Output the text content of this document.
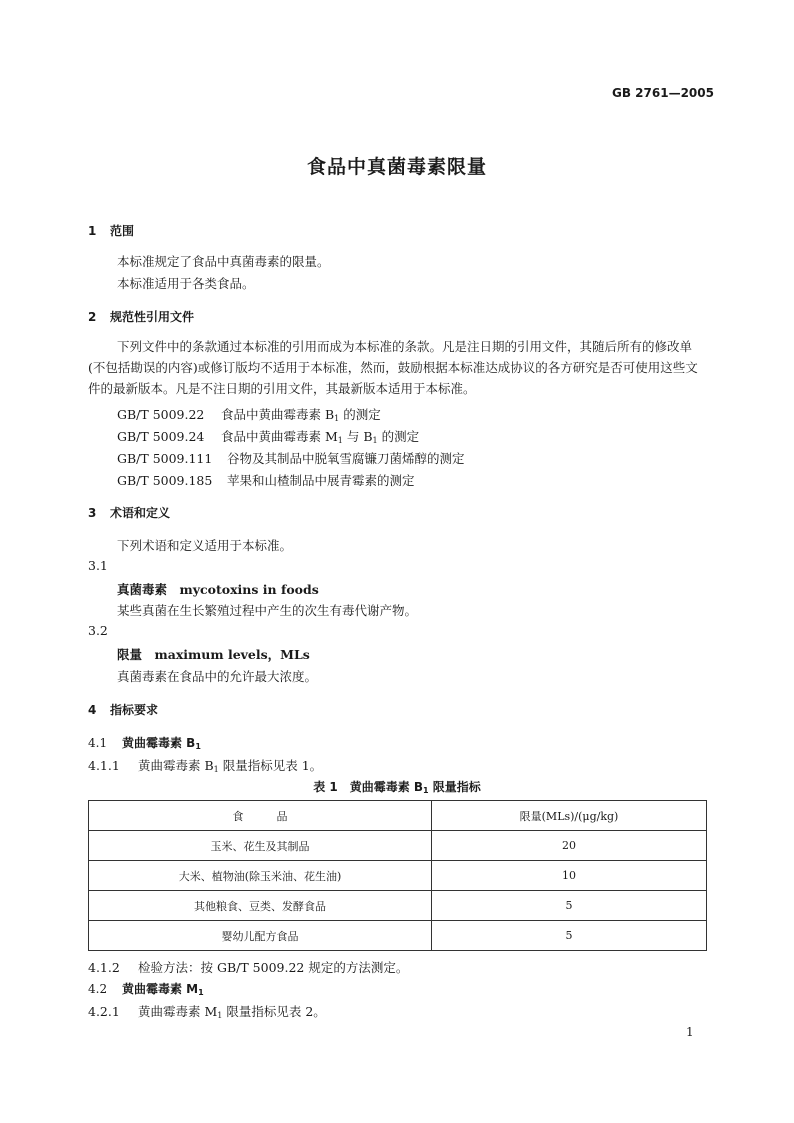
GB 2761—2005
食品中真菌毒素限量
1 范围
本标准规定了食品中真菌毒素的限量。
本标准适用于各类食品。
2 规范性引用文件
下列文件中的条款通过本标准的引用而成为本标准的条款。凡是注日期的引用文件，其随后所有的修改单(不包括勘误的内容)或修订版均不适用于本标准，然而，鼓励根据本标准达成协议的各方研究是否可使用这些文件的最新版本。凡是不注日期的引用文件，其最新版本适用于本标准。
GB/T 5009.22 食品中黄曲霉毒素 $B_1$ 的测定
GB/T 5009.24 食品中黄曲霉毒素 $M_1$ 与 $B_1$ 的测定
GB/T 5009.111 谷物及其制品中脱氧雪腐镰刀菌烯醇的测定
GB/T 5009.185 苹果和山楂制品中展青霉素的测定
3 术语和定义
下列术语和定义适用于本标准。
3.1
真菌毒素　 mycotoxins in foods
某些真菌在生长繁殖过程中产生的次生有毒代谢产物。
3.2
限量　 maximum levels，MLs
真菌毒素在食品中的允许最大浓度。
4 指标要求
4.1 黄曲霉毒素 $B_1$
4.1.1 黄曲霉毒素 $B_1$ 限量指标见表 1。
表 1　黄曲霉毒素 $B_1$ 限量指标
食　　　品	限量(MLs)/(μg/kg)
玉米、花生及其制品	20
大米、植物油(除玉米油、花生油)	10
其他粮食、豆类、发酵食品	5
婴幼儿配方食品	5
4.1.2 检验方法：按 GB/T 5009.22 规定的方法测定。
4.2 黄曲霉毒素 $M_1$
4.2.1 黄曲霉毒素 $M_1$ 限量指标见表 2。
1
